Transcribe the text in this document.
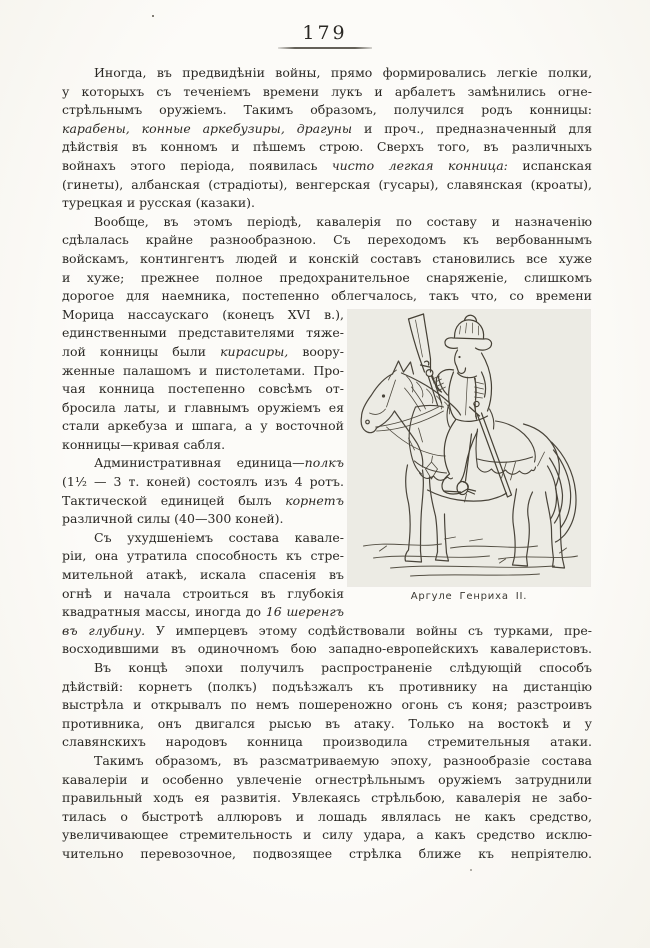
179
Иногда, въ предвидѣніи войны, прямо формировались легкіе полки,
у которыхъ съ теченіемъ времени лукъ и арбалетъ замѣнились огне-
стрѣльнымъ оружіемъ. Такимъ образомъ, получился родъ конницы:
карабены, конные аркебузиры, драгуны и проч., предназначенный для
дѣйствія въ конномъ и пѣшемъ строю. Сверхъ того, въ различныхъ
войнахъ этого періода, появилась чисто легкая конница: испанская
(гинеты), албанская (страдіоты), венгерская (гусары), славянская (кроаты),
турецкая и русская (казаки).
Вообще, въ этомъ періодѣ, кавалерія по составу и назначенію
сдѣлалась крайне разнообразною. Съ переходомъ къ вербованнымъ
войскамъ, контингентъ людей и конскій составъ становились все хуже
и хуже; прежнее полное предохранительное снаряженіе, слишкомъ
дорогое для наемника, постепенно облегчалось, такъ что, со времени
Морица нассаускаго (конецъ XVI в.),
единственными представителями тяже-
лой конницы были кирасиры, воору-
женные палашомъ и пистолетами. Про-
чая конница постепенно совсѣмъ от-
бросила латы, и главнымъ оружіемъ ея
стали аркебуза и шпага, а у восточной
конницы—кривая сабля.
Административная единица—полкъ
(1½ — 3 т. коней) состоялъ изъ 4 ротъ.
Тактической единицей былъ корнетъ
различной силы (40—300 коней).
Съ ухудшеніемъ состава кавале-
ріи, она утратила способность къ стре-
мительной атакѣ, искала спасенія въ
огнѣ и начала строиться въ глубокія
квадратныя массы, иногда до 16 шеренгъ
въ глубину. У имперцевъ этому содѣйствовали войны съ турками, пре-
восходившими въ одиночномъ бою западно-европейскихъ кавалеристовъ.
Въ концѣ эпохи получилъ распространеніе слѣдующій способъ
дѣйствій: корнетъ (полкъ) подъѣзжалъ къ противнику на дистанцію
выстрѣла и открывалъ по немъ пошереножно огонь съ коня; разстроивъ
противника, онъ двигался рысью въ атаку. Только на востокѣ и у
славянскихъ народовъ конница производила стремительныя атаки.
Такимъ образомъ, въ разсматриваемую эпоху, разнообразіе состава
кавалеріи и особенно увлеченіе огнестрѣльнымъ оружіемъ затруднили
правильный ходъ ея развитія. Увлекаясь стрѣльбою, кавалерія не забо-
тилась о быстротѣ аллюровъ и лошадь являлась не какъ средство,
увеличивающее стремительность и силу удара, а какъ средство исклю-
чительно перевозочное, подвозящее стрѣлка ближе къ непріятелю.
Аргуле Генриха II.
